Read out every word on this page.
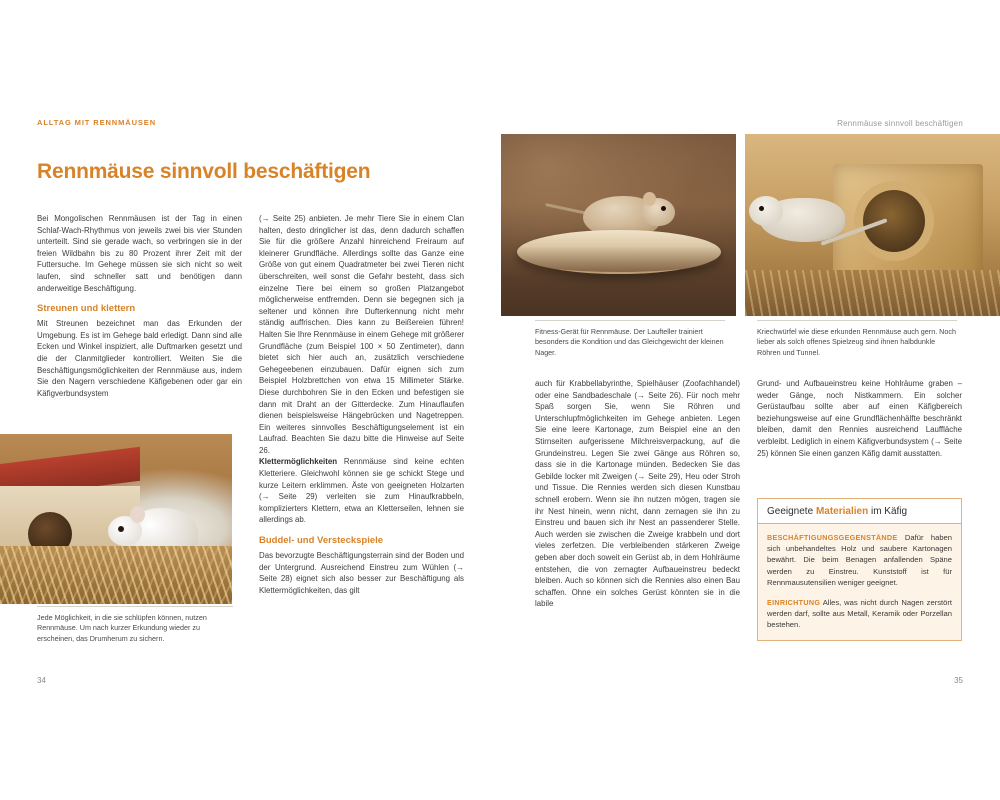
ALLTAG MIT RENNMÄUSEN
Rennmäuse sinnvoll beschäftigen

Bei Mongolischen Rennmäusen ist der Tag in einen Schlaf-Wach-Rhythmus von jeweils zwei bis vier Stunden unterteilt. Sind sie gerade wach, so verbringen sie in der freien Wildbahn bis zu 80 Prozent ihrer Zeit mit der Futtersuche. Im Gehege müssen sie sich nicht so weit laufen, sind schneller satt und benötigen dann anderweitige Beschäftigung.

Streunen und klettern

Mit Streunen bezeichnet man das Erkunden der Umgebung. Es ist im Gehege bald erledigt. Dann sind alle Ecken und Winkel inspiziert, alle Duftmarken gesetzt und die der Clanmitglieder kontrolliert. Weiten Sie die Beschäftigungsmöglichkeiten der Rennmäuse aus, indem Sie den Nagern verschiedene Käfigebenen oder gar ein Käfigverbundsystem

(→ Seite 25) anbieten. Je mehr Tiere Sie in einem Clan halten, desto dringlicher ist das, denn dadurch schaffen Sie für die größere Anzahl hinreichend Freiraum auf kleinerer Grundfläche. Allerdings sollte das Ganze eine Größe von gut einem Quadratmeter bei zwei Tieren nicht überschreiten, weil sonst die Gefahr besteht, dass sich einzelne Tiere bei einem so großen Platzangebot möglicherweise entfremden. Denn sie begegnen sich ja seltener und können ihre Dufterkennung nicht mehr ständig auffrischen. Dies kann zu Beißereien führen! Halten Sie Ihre Rennmäuse in einem Gehege mit größerer Grundfläche (zum Beispiel 100 × 50 Zentimeter), dann bietet sich hier auch an, zusätzlich verschiedene Gehegeebenen einzubauen. Dafür eignen sich zum Beispiel Holzbrettchen von etwa 15 Millimeter Stärke. Diese durchbohren Sie in den Ecken und befestigen sie dann mit Draht an der Gitterdecke. Zum Hinauflaufen dienen beispielsweise Hängebrücken und Nagetreppen. Ein weiteres sinnvolles Beschäftigungselement ist ein Laufrad. Beachten Sie dazu bitte die Hinweise auf Seite 26.

Klettermöglichkeiten Rennmäuse sind keine echten Kletteriere. Gleichwohl können sie ge schickt Stege und kurze Leitern erklimmen. Äste von geeigneten Holzarten (→ Seite 29) verleiten sie zum Hinaufkrabbeln, komplizierters Klettern, etwa an Kletterseilen, lehnen sie allerdings ab.

Buddel- und Versteckspiele

Das bevorzugte Beschäftigungsterrain sind der Boden und der Untergrund. Ausreichend Einstreu zum Wühlen (→ Seite 28) eignet sich also besser zur Beschäftigung als Klettermöglichkeiten, das gilt

Jede Möglichkeit, in die sie schlüpfen können, nutzen Rennmäuse. Um nach kurzer Erkundung wieder zu erscheinen, das Drumherum zu sichern.
34
Rennmäuse sinnvoll beschäftigen
Fitness-Gerät für Rennmäuse. Der Laufteller trainiert besonders die Kondition und das Gleichgewicht der kleinen Nager.
Kriechwürfel wie diese erkunden Rennmäuse auch gern. Noch lieber als solch offenes Spielzeug sind ihnen halbdunkle Röhren und Tunnel.

auch für Krabbellabyrinthe, Spielhäuser (Zoofachhandel) oder eine Sandbadeschale (→ Seite 26). Für noch mehr Spaß sorgen Sie, wenn Sie Röhren und Unterschlupfmöglichkeiten im Gehege anbieten. Legen Sie eine leere Kartonage, zum Beispiel eine an den Stirnseiten aufgerissene Milchreisverpackung, auf die Grundeinstreu. Legen Sie zwei Gänge aus Röhren so, dass sie in die Kartonage münden. Bedecken Sie das Gebilde locker mit Zweigen (→ Seite 29), Heu oder Stroh und Tissue. Die Rennies werden sich diesen Kunstbau schnell erobern. Wenn sie ihn nutzen mögen, tragen sie ihr Nest hinein, wenn nicht, dann zernagen sie ihn zu Einstreu und bauen sich ihr Nest an passenderer Stelle. Auch werden sie zwischen die Zweige krabbeln und dort vieles zerfetzen. Die verbleibenden stärkeren Zweige geben aber doch soweit ein Gerüst ab, in dem Hohlräume entstehen, die von zernagter Aufbaueinstreu bedeckt bleiben. Auch so können sich die Rennies also einen Bau schaffen. Ohne ein solches Gerüst könnten sie in die labile

Grund- und Aufbaueinstreu keine Hohlräume graben – weder Gänge, noch Nistkammern. Ein solcher Gerüstaufbau sollte aber auf einen Käfigbereich beziehungsweise auf eine Grundflächenhälfte beschränkt bleiben, damit den Rennies ausreichend Lauffläche verbleibt. Lediglich in einem Käfigverbundsystem (→ Seite 25) können Sie einen ganzen Käfig damit ausstatten.

Geeignete Materialien im Käfig
BESCHÄFTIGUNGSGEGENSTÄNDE Dafür haben sich unbehandeltes Holz und saubere Kartonagen bewährt. Die beim Benagen anfallenden Späne werden zu Einstreu. Kunststoff ist für Rennmausutensilien weniger geeignet.
EINRICHTUNG Alles, was nicht durch Nagen zerstört werden darf, sollte aus Metall, Keramik oder Porzellan bestehen.
35
